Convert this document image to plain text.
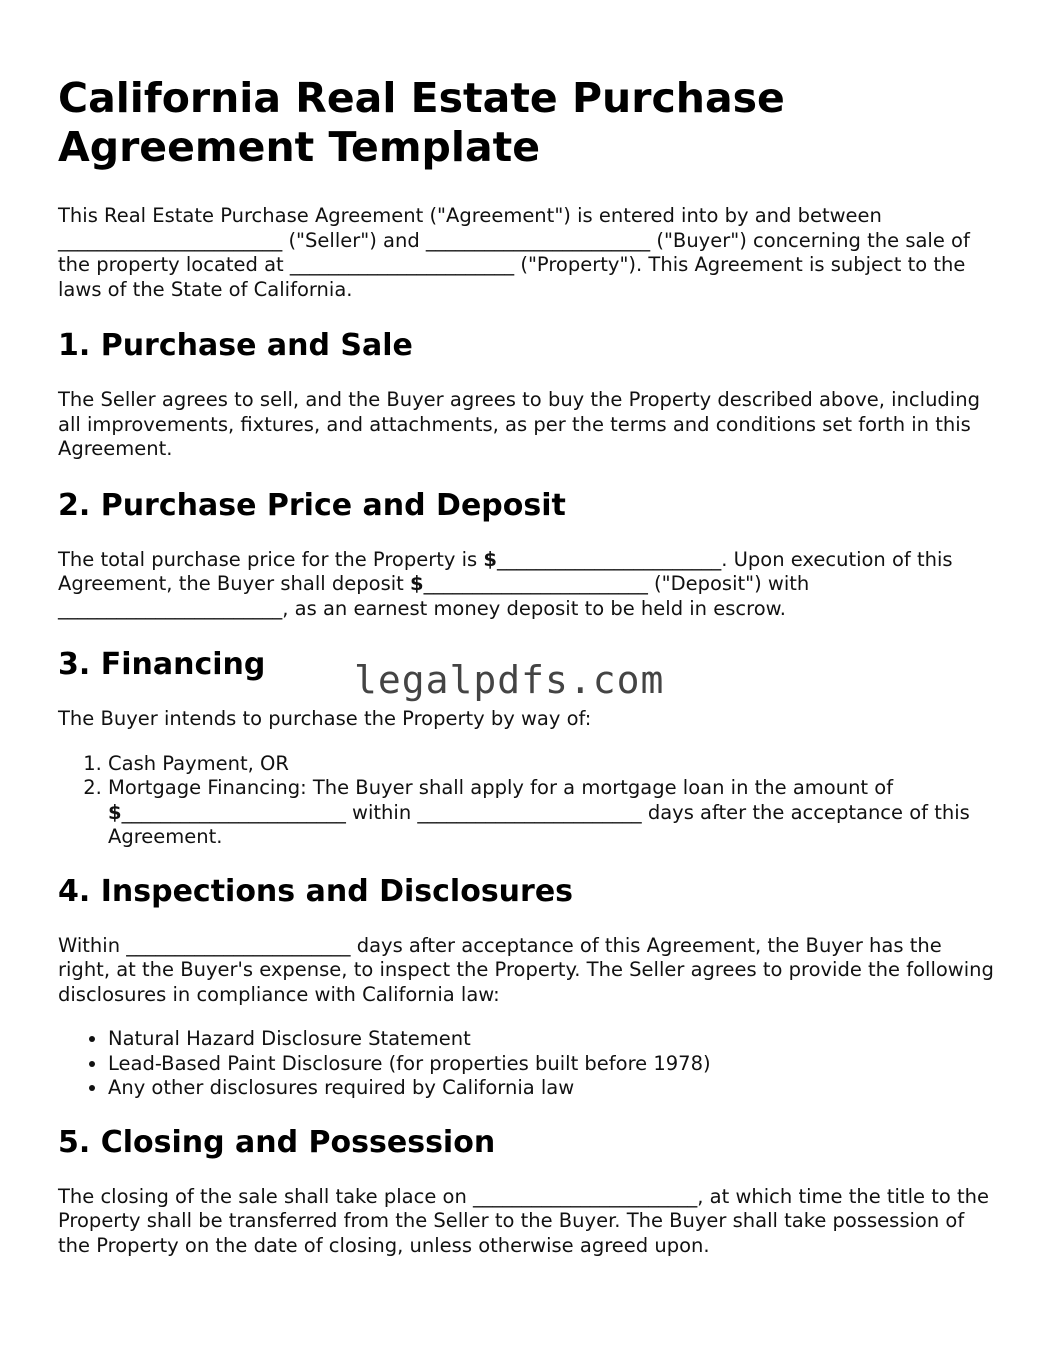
California Real Estate Purchase Agreement Template

This Real Estate Purchase Agreement ("Agreement") is entered into by and between _______________________ ("Seller") and _______________________ ("Buyer") concerning the sale of the property located at _______________________ ("Property"). This Agreement is subject to the laws of the State of California.

1. Purchase and Sale

The Seller agrees to sell, and the Buyer agrees to buy the Property described above, including all improvements, fixtures, and attachments, as per the terms and conditions set forth in this Agreement.

2. Purchase Price and Deposit

The total purchase price for the Property is $_______________________. Upon execution of this Agreement, the Buyer shall deposit $_______________________ ("Deposit") with _______________________, as an earnest money deposit to be held in escrow.

3. Financing

The Buyer intends to purchase the Property by way of:

1. Cash Payment, OR
2. Mortgage Financing: The Buyer shall apply for a mortgage loan in the amount of $_______________________ within _______________________ days after the acceptance of this Agreement.
4. Inspections and Disclosures

Within _______________________ days after acceptance of this Agreement, the Buyer has the right, at the Buyer's expense, to inspect the Property. The Seller agrees to provide the following disclosures in compliance with California law:

• Natural Hazard Disclosure Statement
• Lead-Based Paint Disclosure (for properties built before 1978)
• Any other disclosures required by California law
5. Closing and Possession

The closing of the sale shall take place on _______________________, at which time the title to the Property shall be transferred from the Seller to the Buyer. The Buyer shall take possession of the Property on the date of closing, unless otherwise agreed upon.

legalpdfs.com
